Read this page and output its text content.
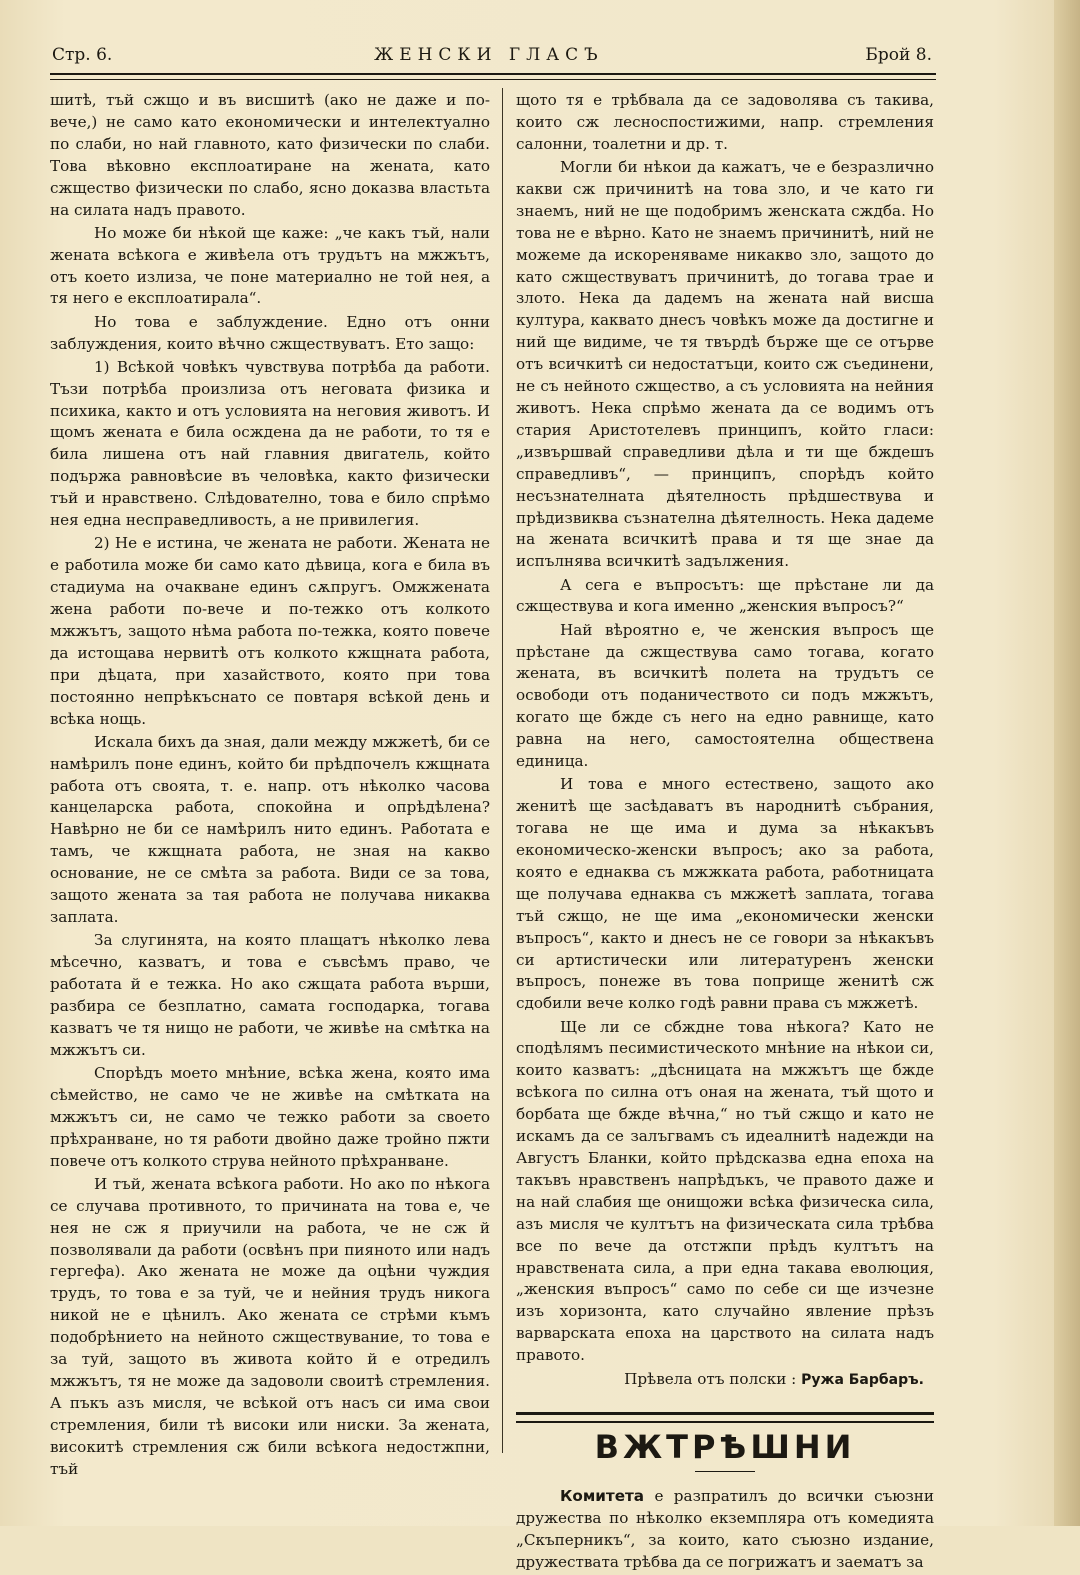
Стр. 6.	ЖЕНСКИ ГЛАСЪ	Брой 8.

шитѣ, тъй сжщо и въ висшитѣ (ако не даже и по-вече,) не само като економически и интелектуално по слаби, но най главното, като физически по слаби. Това вѣковно експлоатиране на жената, като сжщество физически по слабо, ясно доказва властьта на силата надъ правото.

Но може би нѣкой ще каже: „че какъ тъй, нали жената всѣкога е живѣела отъ трудътъ на мжжътъ, отъ което излиза, че поне материално не той нея, а тя него е експлоатирала“.

Но това е заблуждение. Едно отъ онни заблуждения, които вѣчно сжществуватъ. Ето защо:

1) Всѣкой човѣкъ чувствува потрѣба да работи. Тъзи потрѣба произлиза отъ неговата физика и психика, както и отъ условията на неговия животъ. И щомъ жената е била осждена да не работи, то тя е била лишена отъ най главния двигатель, който подържа равновѣсие въ человѣка, както физически тъй и нравствено. Слѣдователно, това е било спрѣмо нея една несправедливость, а не привилегия.

2) Не е истина, че жената не работи. Жената не е работила може би само като дѣвица, кога е била въ стадиума на очакване единъ сѫпругъ. Омжжената жена работи по-вече и по-тежко отъ колкото мжжътъ, защото нѣма работа по-тежка, която повече да истощава нервитѣ отъ колкото кжщната работа, при дѣцата, при хазайството, която при това постоянно непрѣкъснато се повтаря всѣкой день и всѣка нощь.

Искала бихъ да зная, дали между мжжетѣ, би се намѣрилъ поне единъ, който би прѣдпочелъ кжщната работа отъ своята, т. е. напр. отъ нѣколко часова канцеларска работа, спокойна и опрѣдѣлена? Навѣрно не би се намѣрилъ нито единъ. Работата е тамъ, че кжщната работа, не зная на какво основание, не се смѣта за работа. Види се за това, защото жената за тая работа не получава никаква заплата.

За слугинята, на която плащатъ нѣколко лева мѣсечно, казватъ, и това е съвсѣмъ право, че работата й е тежка. Но ако сжщата работа върши, разбира се безплатно, самата господарка, тогава казватъ че тя нищо не работи, че живѣе на смѣтка на мжжътъ си.

Спорѣдъ моето мнѣние, всѣка жена, която има сѣмейство, не само че не живѣе на смѣтката на мжжътъ си, не само че тежко работи за своето прѣхранване, но тя работи двойно даже тройно пжти повече отъ колкото струва нейното прѣхранване.

И тъй, жената всѣкога работи. Но ако по нѣкога се случава противното, то причината на това е, че нея не сж я приучили на работа, че не сж й позволявали да работи (освѣнъ при пияното или надъ гергефа). Ако жената не може да оцѣни чуждия трудъ, то това е за туй, че и нейния трудъ никога никой не е цѣнилъ. Ако жената се стрѣми къмъ подобрѣнието на нейното сжществувание, то това е за туй, защото въ живота който й е отредилъ мжжътъ, тя не може да задоволи своитѣ стремления. А пъкъ азъ мисля, че всѣкой отъ насъ си има свои стремления, били тѣ високи или ниски. За жената, високитѣ стремления сж били всѣкога недостжпни, тъй

щото тя е трѣбвала да се задоволява съ такива, които сж лесноспостижими, напр. стремления салонни, тоалетни и др. т.

Могли би нѣкои да кажатъ, че е безразлично какви сж причинитѣ на това зло, и че като ги знаемъ, ний не ще подобримъ женската сждба. Но това не е вѣрно. Като не знаемъ причинитѣ, ний не можеме да искореняваме никакво зло, защото до като сжществуватъ причинитѣ, до тогава трае и злото. Нека да дадемъ на жената най висша култура, каквато днесъ човѣкъ може да достигне и ний ще видиме, че тя твърдѣ бърже ще се отърве отъ всичкитѣ си недостатъци, които сж съединени, не съ нейното сжщество, а съ условията на нейния животъ. Нека спрѣмо жената да се водимъ отъ стария Аристотелевъ принципъ, който гласи: „извършвай справедливи дѣла и ти ще бждешъ справедливъ“, — принципъ, спорѣдъ който несъзнателната дѣятелность прѣдшествува и прѣдизвиква съзнателна дѣятелность. Нека дадеме на жената всичкитѣ права и тя ще знае да испълнява всичкитѣ задължения.

А сега е въпросътъ: ще прѣстане ли да сжществува и кога именно „женския въпросъ?“

Най вѣроятно е, че женския въпросъ ще прѣстане да сжществува само тогава, когато жената, въ всичкитѣ полета на трудътъ се освободи отъ поданичеството си подъ мжжътъ, когато ще бжде съ него на едно равнище, като равна на него, самостоятелна обществена единица.

И това е много естествено, защото ако женитѣ ще засѣдаватъ въ народнитѣ събрания, тогава не ще има и дума за нѣкакъвъ економическо-женски въпросъ; ако за работа, която е еднаква съ мжжката работа, работницата ще получава еднаква съ мжжетѣ заплата, тогава тъй сжщо, не ще има „економически женски въпросъ“, както и днесъ не се говори за нѣкакъвъ си артистически или литературенъ женски въпросъ, понеже въ това поприще женитѣ сж сдобили вече колко годѣ равни права съ мжжетѣ.

Ще ли се сбждне това нѣкога? Като не сподѣлямъ песимистическото мнѣние на нѣкои си, които казватъ: „дѣсницата на мжжътъ ще бжде всѣкога по силна отъ оная на жената, тъй щото и борбата ще бжде вѣчна,“ но тъй сжщо и като не искамъ да се залъгвамъ съ идеалнитѣ надежди на Августъ Бланки, който прѣдсказва една епоха на такъвъ нравственъ напрѣдъкъ, че правото даже и на най слабия ще онищожи всѣка физическа сила, азъ мисля че култътъ на физическата сила трѣбва все по вече да отстжпи прѣдъ култътъ на нравствената сила, а при една такава еволюция, „женския въпросъ“ само по себе си ще изчезне изъ хоризонта, като случайно явление прѣзъ варварската епоха на царството на силата надъ правото.

Прѣвела отъ полски : Ружа Барбаръ.
ВЖТРѢШНИ

Комитета е разпратилъ до всички съюзни дружества по нѣколко екземпляра отъ комедията „Скъперникъ“, за които, като съюзно издание, дружествата трѣбва да се погрижатъ и заематъ за
